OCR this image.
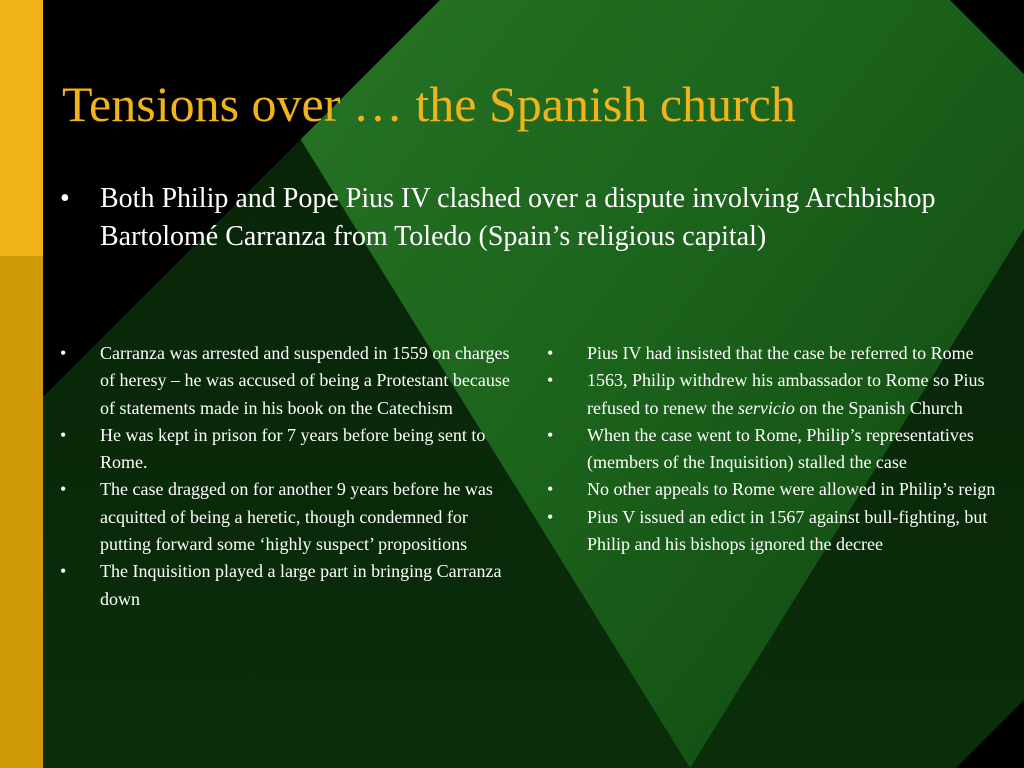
Tensions over … the Spanish church
• Both Philip and Pope Pius IV clashed over a dispute involving Archbishop Bartolomé Carranza from Toledo (Spain’s religious capital)
• Carranza was arrested and suspended in 1559 on charges of heresy – he was accused of being a Protestant because of statements made in his book on the Catechism
• He was kept in prison for 7 years before being sent to Rome.
• The case dragged on for another 9 years before he was acquitted of being a heretic, though condemned for putting forward some ‘highly suspect’ propositions
• The Inquisition played a large part in bringing Carranza down
• Pius IV had insisted that the case be referred to Rome
• 1563, Philip withdrew his ambassador to Rome so Pius refused to renew the servicio on the Spanish Church
• When the case went to Rome, Philip’s representatives (members of the Inquisition) stalled the case
• No other appeals to Rome were allowed in Philip’s reign
• Pius V issued an edict in 1567 against bull-fighting, but Philip and his bishops ignored the decree
